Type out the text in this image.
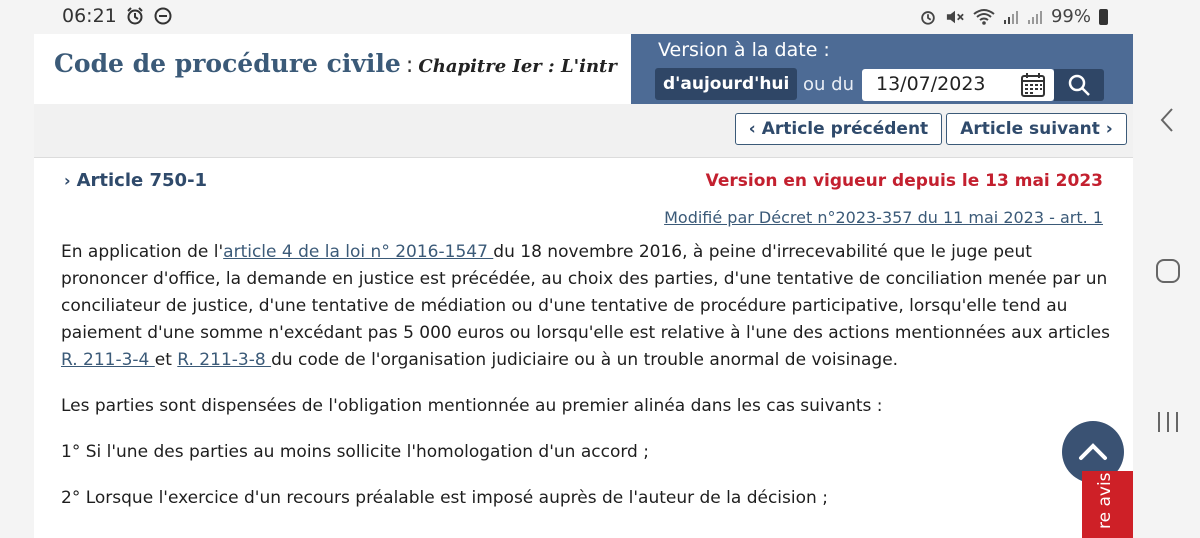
06:21	99%
Code de procédure civile : Chapitre Ier : L'intr
Version à la date :
d'aujourd'hui ou du
13/07/2023
‹ Article précédent	Article suivant ›
› Article 750-1	Version en vigueur depuis le 13 mai 2023
Modifié par Décret n°2023-357 du 11 mai 2023 - art. 1

En application de l'article 4 de la loi n° 2016-1547 du 18 novembre 2016, à peine d'irrecevabilité que le juge peut prononcer d'office, la demande en justice est précédée, au choix des parties, d'une tentative de conciliation menée par un conciliateur de justice, d'une tentative de médiation ou d'une tentative de procédure participative, lorsqu'elle tend au paiement d'une somme n'excédant pas 5 000 euros ou lorsqu'elle est relative à l'une des actions mentionnées aux articles R. 211-3-4 et R. 211-3-8 du code de l'organisation judiciaire ou à un trouble anormal de voisinage.

Les parties sont dispensées de l'obligation mentionnée au premier alinéa dans les cas suivants :

1° Si l'une des parties au moins sollicite l'homologation d'un accord ;

2° Lorsque l'exercice d'un recours préalable est imposé auprès de l'auteur de la décision ;	re avis
